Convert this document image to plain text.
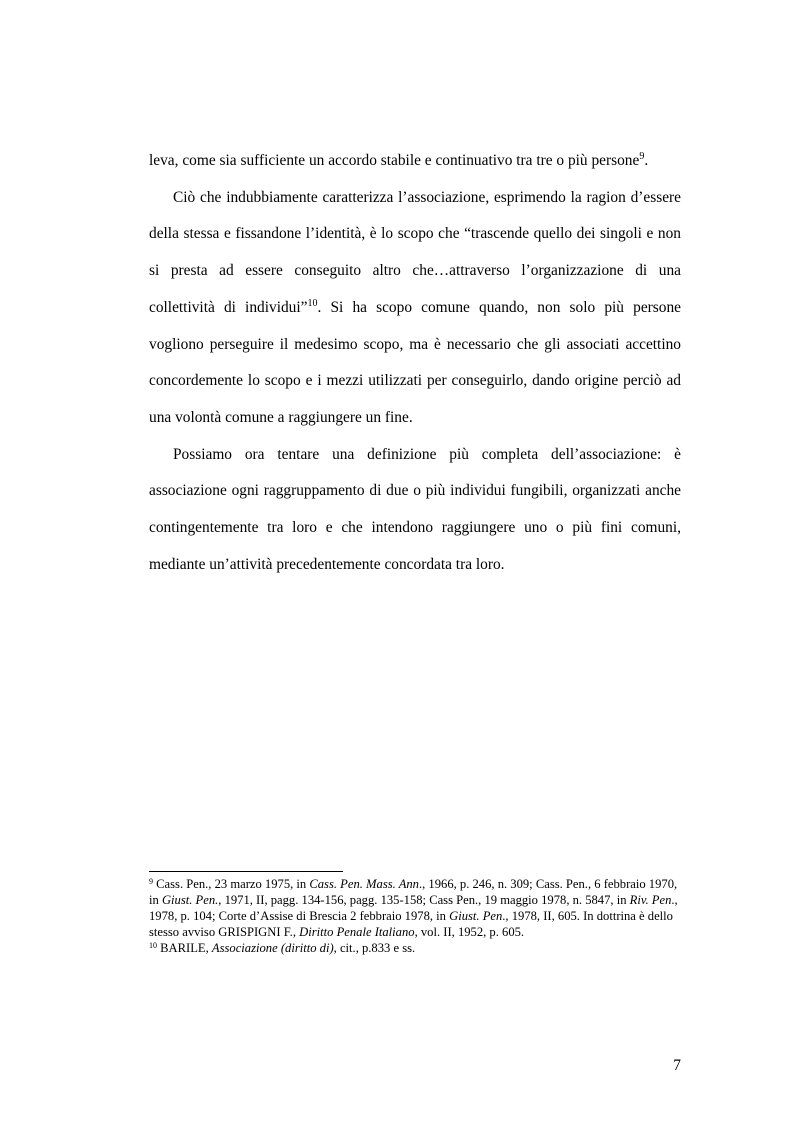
leva, come sia sufficiente un accordo stabile e continuativo tra tre o più persone$^9$.

Ciò che indubbiamente caratterizza l’associazione, esprimendo la ragion d’essere della stessa e fissandone l’identità, è lo scopo che “trascende quello dei singoli e non si presta ad essere conseguito altro che…attraverso l’organizzazione di una collettività di individui”$^{10}$. Si ha scopo comune quando, non solo più persone vogliono perseguire il medesimo scopo, ma è necessario che gli associati accettino concordemente lo scopo e i mezzi utilizzati per conseguirlo, dando origine perciò ad una volontà comune a raggiungere un fine.

Possiamo ora tentare una definizione più completa dell’associazione: è associazione ogni raggruppamento di due o più individui fungibili, organizzati anche contingentemente tra loro e che intendono raggiungere uno o più fini comuni, mediante un’attività precedentemente concordata tra loro.

$^9$ Cass. Pen., 23 marzo 1975, in Cass. Pen. Mass. Ann., 1966, p. 246, n. 309; Cass. Pen., 6 febbraio 1970, in Giust. Pen., 1971, II, pagg. 134-156, pagg. 135-158; Cass Pen., 19 maggio 1978, n. 5847, in Riv. Pen., 1978, p. 104; Corte d’Assise di Brescia 2 febbraio 1978, in Giust. Pen., 1978, II, 605. In dottrina è dello stesso avviso GRISPIGNI F., Diritto Penale Italiano, vol. II, 1952, p. 605.

$^{10}$ BARILE, Associazione (diritto di), cit., p.833 e ss.

7
